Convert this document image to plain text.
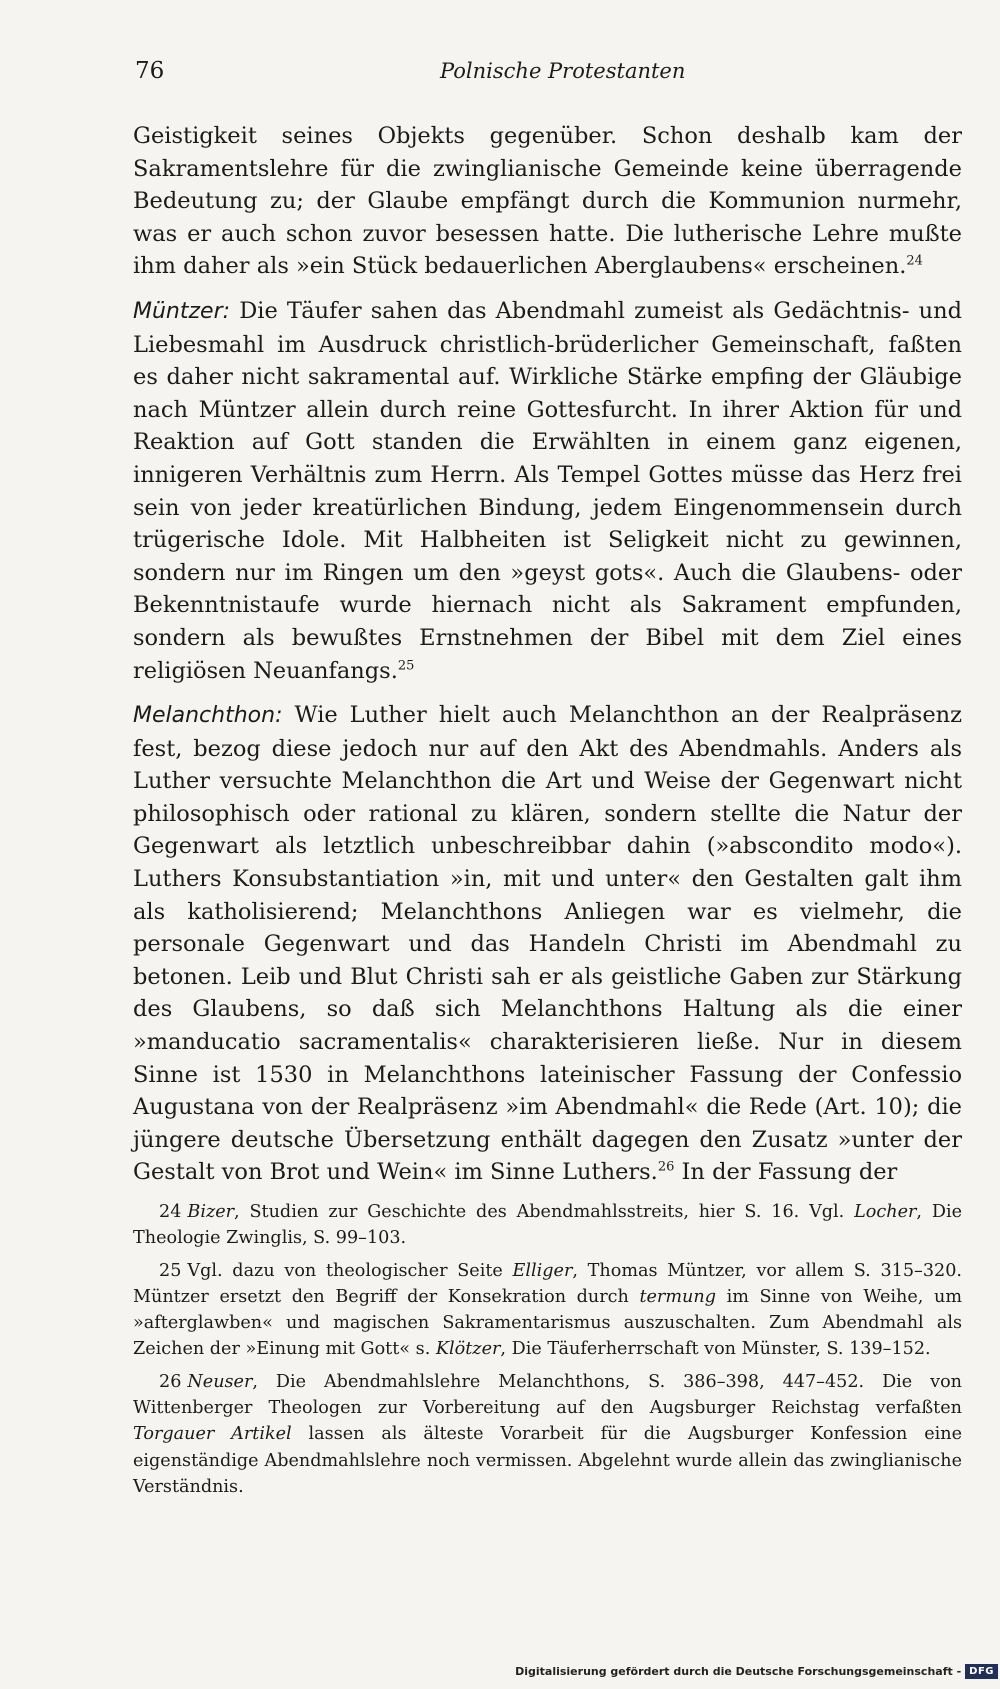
76	Polnische Protestanten

Geistigkeit seines Objekts gegenüber. Schon deshalb kam der Sakramentslehre für die zwinglianische Gemeinde keine überragende Bedeutung zu; der Glaube empfängt durch die Kommunion nurmehr, was er auch schon zuvor besessen hatte. Die lutherische Lehre mußte ihm daher als »ein Stück bedauerlichen Aberglaubens« erscheinen.$^{24}$

Müntzer: Die Täufer sahen das Abendmahl zumeist als Gedächtnis- und Liebesmahl im Ausdruck christlich-brüderlicher Gemeinschaft, faßten es daher nicht sakramental auf. Wirkliche Stärke empfing der Gläubige nach Müntzer allein durch reine Gottesfurcht. In ihrer Aktion für und Reaktion auf Gott standen die Erwählten in einem ganz eigenen, innigeren Verhältnis zum Herrn. Als Tempel Gottes müsse das Herz frei sein von jeder kreatürlichen Bindung, jedem Eingenommensein durch trügerische Idole. Mit Halbheiten ist Seligkeit nicht zu gewinnen, sondern nur im Ringen um den »geyst gots«. Auch die Glaubens- oder Bekenntnistaufe wurde hiernach nicht als Sakrament empfunden, sondern als bewußtes Ernstnehmen der Bibel mit dem Ziel eines religiösen Neuanfangs.$^{25}$

Melanchthon: Wie Luther hielt auch Melanchthon an der Realpräsenz fest, bezog diese jedoch nur auf den Akt des Abendmahls. Anders als Luther versuchte Melanchthon die Art und Weise der Gegenwart nicht philosophisch oder rational zu klären, sondern stellte die Natur der Gegenwart als letztlich unbeschreibbar dahin (»abscondito modo«). Luthers Konsubstantiation »in, mit und unter« den Gestalten galt ihm als katholisierend; Melanchthons Anliegen war es vielmehr, die personale Gegenwart und das Handeln Christi im Abendmahl zu betonen. Leib und Blut Christi sah er als geistliche Gaben zur Stärkung des Glaubens, so daß sich Melanchthons Haltung als die einer »manducatio sacramentalis« charakterisieren ließe. Nur in diesem Sinne ist 1530 in Melanchthons lateinischer Fassung der Confessio Augustana von der Realpräsenz »im Abendmahl« die Rede (Art. 10); die jüngere deutsche Übersetzung enthält dagegen den Zusatz »unter der Gestalt von Brot und Wein« im Sinne Luthers.$^{26}$ In der Fassung der

24 Bizer, Studien zur Geschichte des Abendmahlsstreits, hier S. 16. Vgl. Locher, Die Theologie Zwinglis, S. 99–103.

25 Vgl. dazu von theologischer Seite Elliger, Thomas Müntzer, vor allem S. 315–320. Müntzer ersetzt den Begriff der Konsekration durch termung im Sinne von Weihe, um »afterglawben« und magischen Sakramentarismus auszuschalten. Zum Abendmahl als Zeichen der »Einung mit Gott« s. Klötzer, Die Täuferherrschaft von Münster, S. 139–152.

26 Neuser, Die Abendmahlslehre Melanchthons, S. 386–398, 447–452. Die von Wittenberger Theologen zur Vorbereitung auf den Augsburger Reichstag verfaßten Torgauer Artikel lassen als älteste Vorarbeit für die Augsburger Konfession eine eigenständige Abendmahlslehre noch vermissen. Abgelehnt wurde allein das zwinglianische Verständnis.

Digitalisierung gefördert durch die Deutsche Forschungsgemeinschaft - DFG
